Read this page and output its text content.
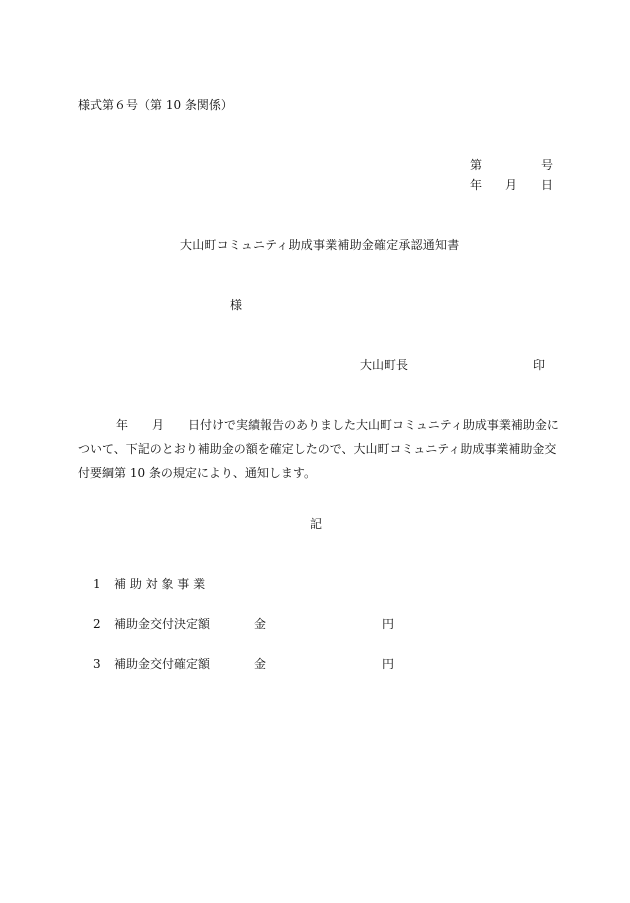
様式第６号（第 10 条関係）
第	号
年 月 日
大山町コミュニティ助成事業補助金確定承認通知書
様
大山町長	印
年 月 日付けで実績報告のありました大山町コミュニティ助成事業補助金に
ついて、下記のとおり補助金の額を確定したので、大山町コミュニティ助成事業補助金交
付要綱第 10 条の規定により、通知します。
記
1 補 助 対 象 事 業
2 補助金交付決定額	金	円
3 補助金交付確定額	金	円
